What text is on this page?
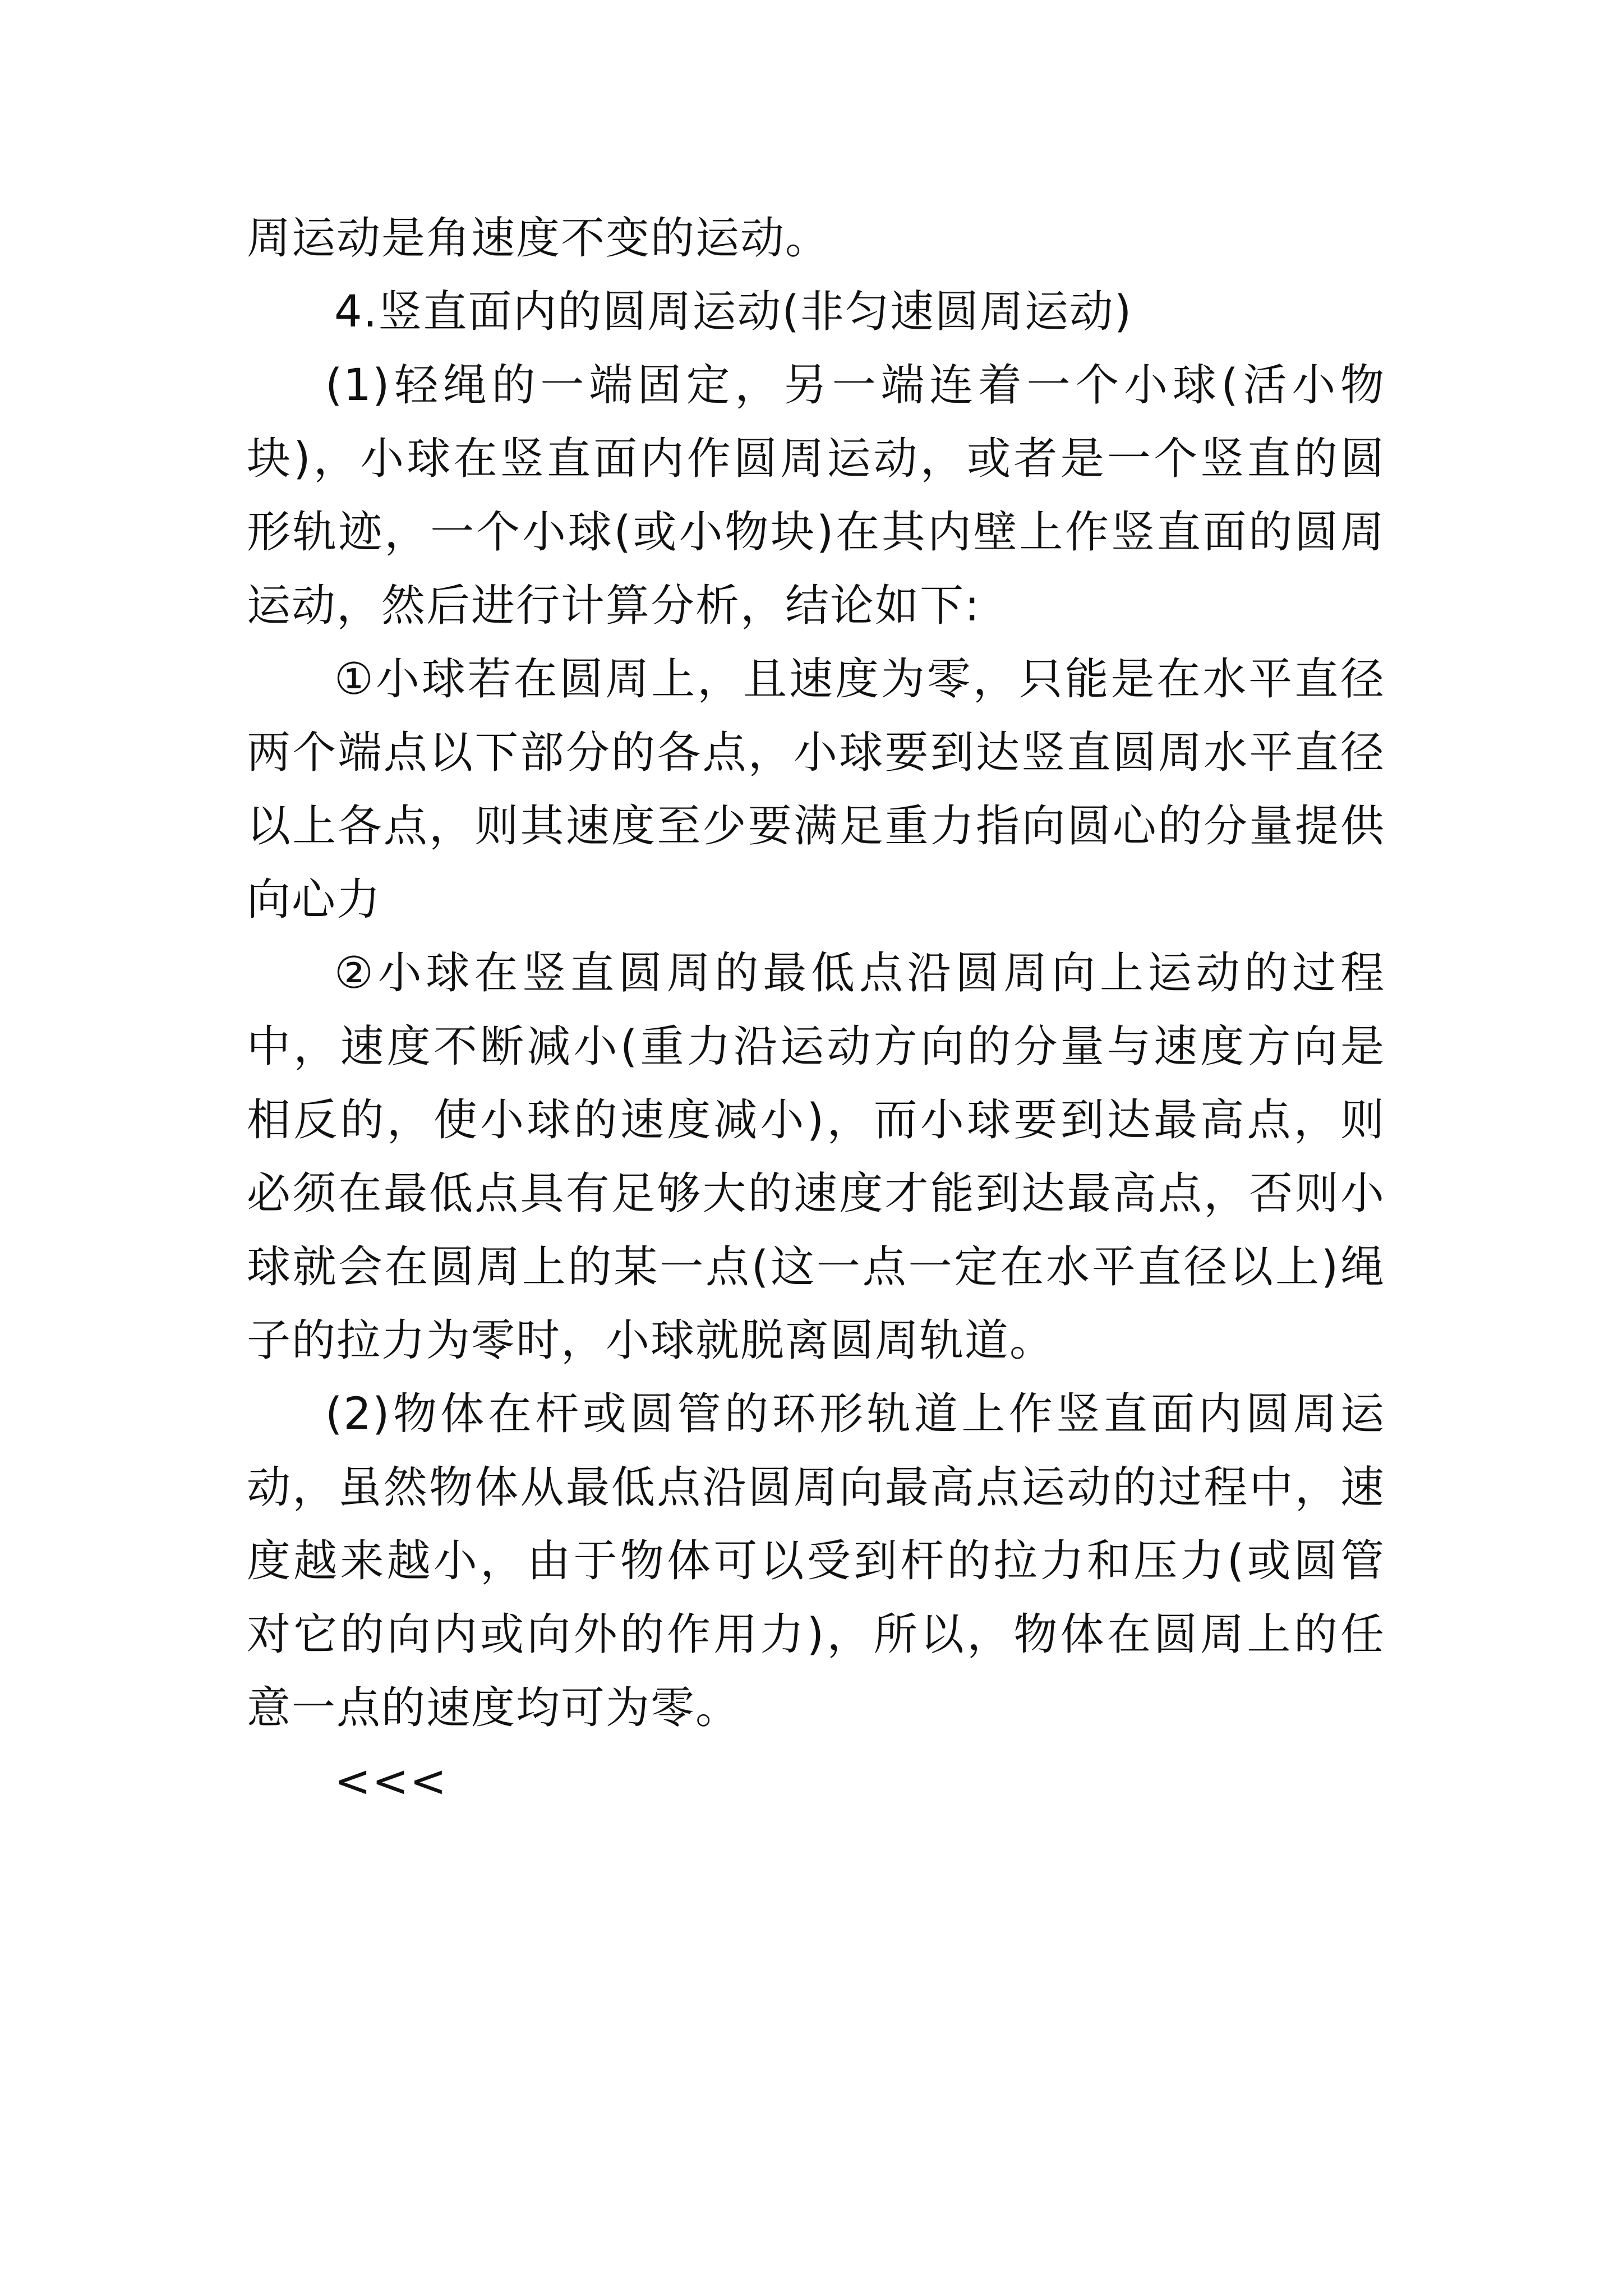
周运动是角速度不变的运动。

4.竖直面内的圆周运动(非匀速圆周运动)

(1)轻绳的一端固定，另一端连着一个小球(活小物块)，小球在竖直面内作圆周运动，或者是一个竖直的圆形轨迹，一个小球(或小物块)在其内壁上作竖直面的圆周运动，然后进行计算分析，结论如下:

①小球若在圆周上，且速度为零，只能是在水平直径两个端点以下部分的各点，小球要到达竖直圆周水平直径以上各点，则其速度至少要满足重力指向圆心的分量提供向心力

②小球在竖直圆周的最低点沿圆周向上运动的过程中，速度不断减小(重力沿运动方向的分量与速度方向是相反的，使小球的速度减小)，而小球要到达最高点，则必须在最低点具有足够大的速度才能到达最高点，否则小球就会在圆周上的某一点(这一点一定在水平直径以上)绳子的拉力为零时，小球就脱离圆周轨道。

(2)物体在杆或圆管的环形轨道上作竖直面内圆周运动，虽然物体从最低点沿圆周向最高点运动的过程中，速度越来越小，由于物体可以受到杆的拉力和压力(或圆管对它的向内或向外的作用力)，所以，物体在圆周上的任意一点的速度均可为零。

<<<
